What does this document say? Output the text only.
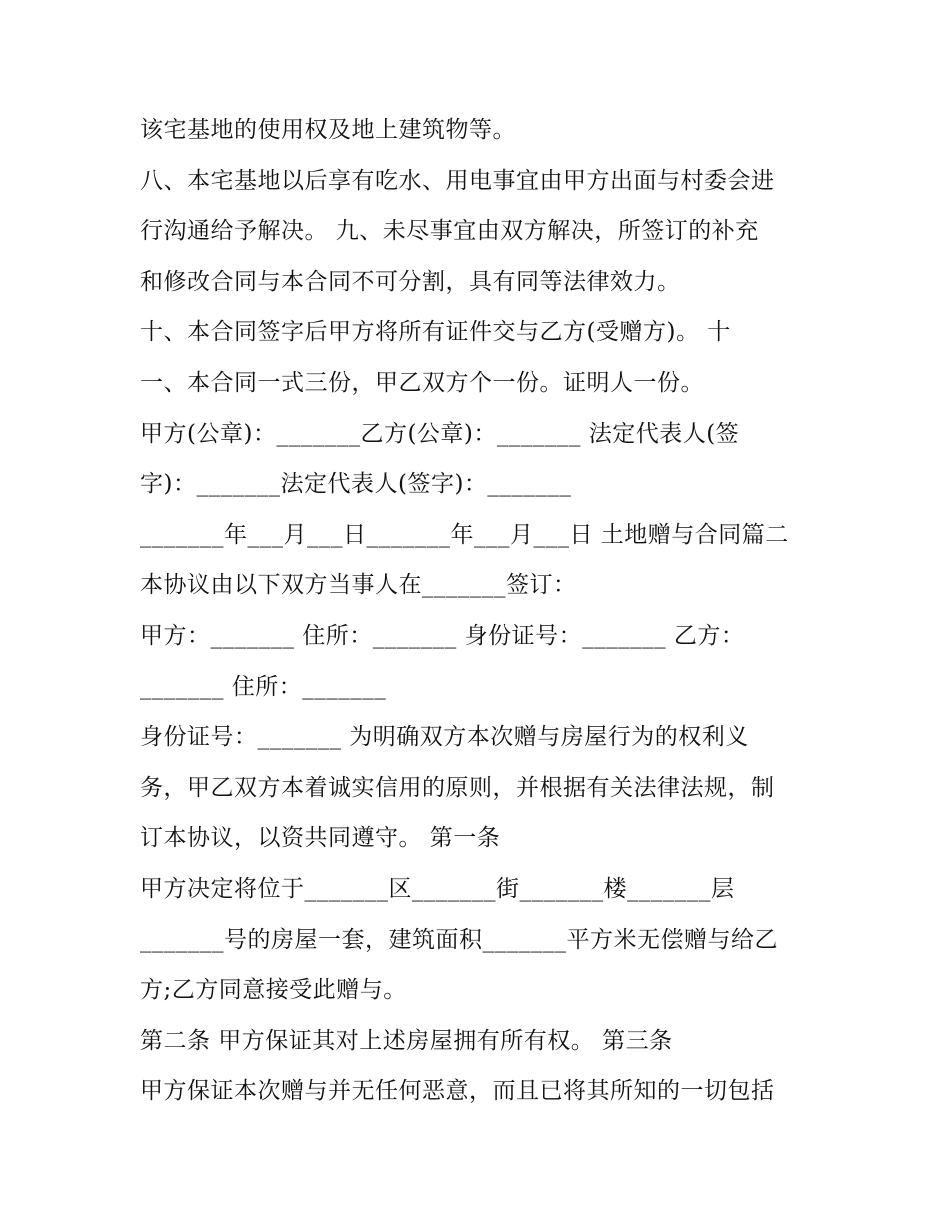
该宅基地的使用权及地上建筑物等。

八、本宅基地以后享有吃水、用电事宜由甲方出面与村委会进

行沟通给予解决。 九、未尽事宜由双方解决，所签订的补充

和修改合同与本合同不可分割，具有同等法律效力。

十、本合同签字后甲方将所有证件交与乙方(受赠方)。 十

一、本合同一式三份，甲乙双方个一份。证明人一份。

甲方(公章)：_______乙方(公章)：_______ 法定代表人(签

字)：_______法定代表人(签字)：_______

_______年___月___日_______年___月___日 土地赠与合同篇二

本协议由以下双方当事人在_______签订：

甲方：_______ 住所：_______ 身份证号：_______ 乙方：

_______ 住所：_______

身份证号：_______ 为明确双方本次赠与房屋行为的权利义

务，甲乙双方本着诚实信用的原则，并根据有关法律法规，制

订本协议，以资共同遵守。 第一条

甲方决定将位于_______区_______街_______楼_______层

_______号的房屋一套，建筑面积_______平方米无偿赠与给乙

方;乙方同意接受此赠与。

第二条 甲方保证其对上述房屋拥有所有权。 第三条

甲方保证本次赠与并无任何恶意，而且已将其所知的一切包括
